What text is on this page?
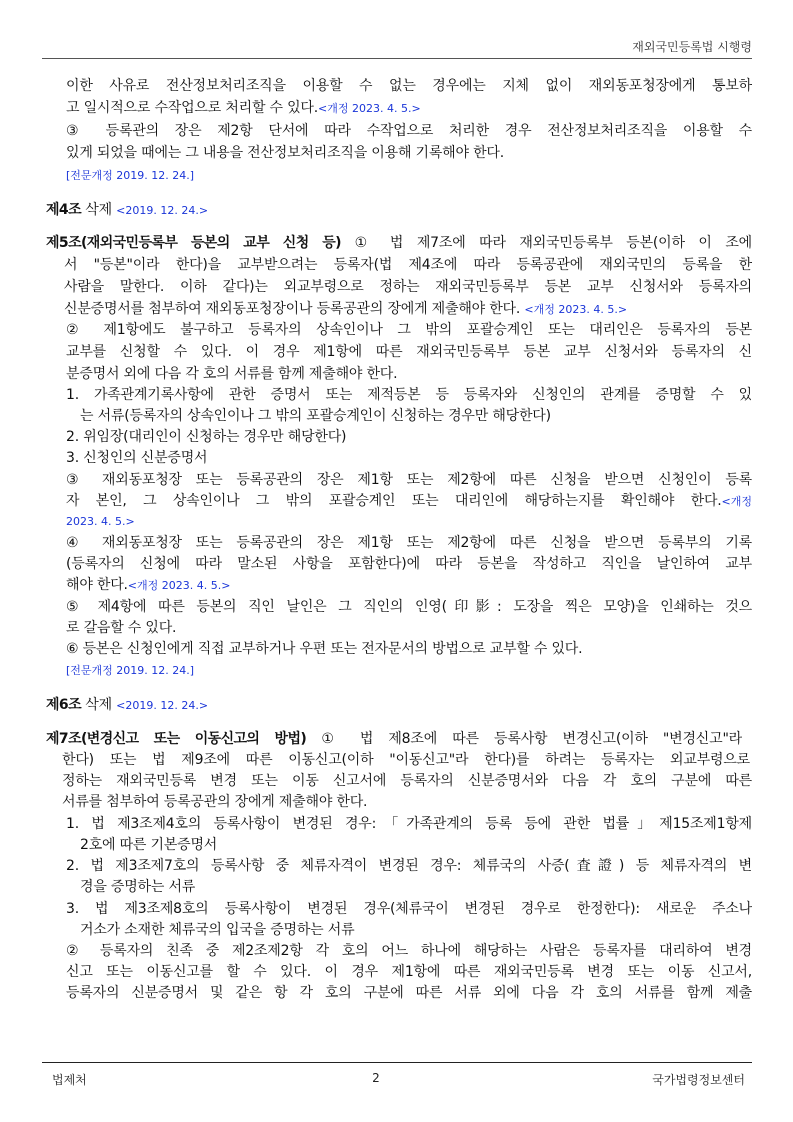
재외국민등록법 시행령
이한 사유로 전산정보처리조직을 이용할 수 없는 경우에는 지체 없이 재외동포청장에게 통보하
고 일시적으로 수작업으로 처리할 수 있다.<개정 2023. 4. 5.>
③ 등록관의 장은 제2항 단서에 따라 수작업으로 처리한 경우 전산정보처리조직을 이용할 수
있게 되었을 때에는 그 내용을 전산정보처리조직을 이용해 기록해야 한다.
[전문개정 2019. 12. 24.]
제4조 삭제 <2019. 12. 24.>
제5조(재외국민등록부 등본의 교부 신청 등) ① 법 제7조에 따라 재외국민등록부 등본(이하 이 조에
서 "등본"이라 한다)을 교부받으려는 등록자(법 제4조에 따라 등록공관에 재외국민의 등록을 한
사람을 말한다. 이하 같다)는 외교부령으로 정하는 재외국민등록부 등본 교부 신청서와 등록자의
신분증명서를 첨부하여 재외동포청장이나 등록공관의 장에게 제출해야 한다. <개정 2023. 4. 5.>
② 제1항에도 불구하고 등록자의 상속인이나 그 밖의 포괄승계인 또는 대리인은 등록자의 등본
교부를 신청할 수 있다. 이 경우 제1항에 따른 재외국민등록부 등본 교부 신청서와 등록자의 신
분증명서 외에 다음 각 호의 서류를 함께 제출해야 한다.
1. 가족관계기록사항에 관한 증명서 또는 제적등본 등 등록자와 신청인의 관계를 증명할 수 있
는 서류(등록자의 상속인이나 그 밖의 포괄승계인이 신청하는 경우만 해당한다)
2. 위임장(대리인이 신청하는 경우만 해당한다)
3. 신청인의 신분증명서
③ 재외동포청장 또는 등록공관의 장은 제1항 또는 제2항에 따른 신청을 받으면 신청인이 등록
자 본인, 그 상속인이나 그 밖의 포괄승계인 또는 대리인에 해당하는지를 확인해야 한다.<개정
2023. 4. 5.>
④ 재외동포청장 또는 등록공관의 장은 제1항 또는 제2항에 따른 신청을 받으면 등록부의 기록
(등록자의 신청에 따라 말소된 사항을 포함한다)에 따라 등본을 작성하고 직인을 날인하여 교부
해야 한다.<개정 2023. 4. 5.>
⑤ 제4항에 따른 등본의 직인 날인은 그 직인의 인영(印影: 도장을 찍은 모양)을 인쇄하는 것으
로 갈음할 수 있다.
⑥ 등본은 신청인에게 직접 교부하거나 우편 또는 전자문서의 방법으로 교부할 수 있다.
[전문개정 2019. 12. 24.]
제6조 삭제 <2019. 12. 24.>
제7조(변경신고 또는 이동신고의 방법) ① 법 제8조에 따른 등록사항 변경신고(이하 "변경신고"라
한다) 또는 법 제9조에 따른 이동신고(이하 "이동신고"라 한다)를 하려는 등록자는 외교부령으로
정하는 재외국민등록 변경 또는 이동 신고서에 등록자의 신분증명서와 다음 각 호의 구분에 따른
서류를 첨부하여 등록공관의 장에게 제출해야 한다.
1. 법 제3조제4호의 등록사항이 변경된 경우:「가족관계의 등록 등에 관한 법률」제15조제1항제
2호에 따른 기본증명서
2. 법 제3조제7호의 등록사항 중 체류자격이 변경된 경우: 체류국의 사증(査證) 등 체류자격의 변
경을 증명하는 서류
3. 법 제3조제8호의 등록사항이 변경된 경우(체류국이 변경된 경우로 한정한다): 새로운 주소나
거소가 소재한 체류국의 입국을 증명하는 서류
② 등록자의 친족 중 제2조제2항 각 호의 어느 하나에 해당하는 사람은 등록자를 대리하여 변경
신고 또는 이동신고를 할 수 있다. 이 경우 제1항에 따른 재외국민등록 변경 또는 이동 신고서,
등록자의 신분증명서 및 같은 항 각 호의 구분에 따른 서류 외에 다음 각 호의 서류를 함께 제출
법제처	2	국가법령정보센터
